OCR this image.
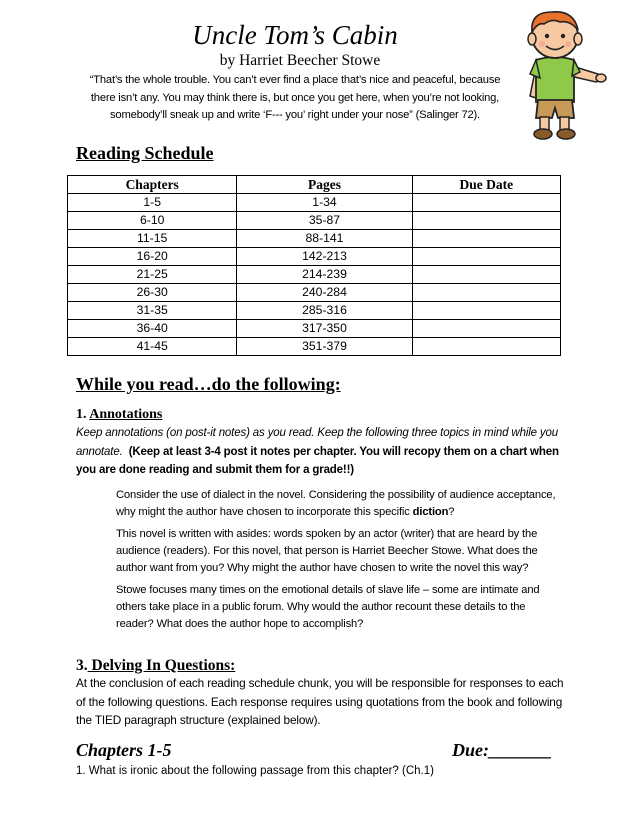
Uncle Tom’s Cabin
by Harriet Beecher Stowe
“That’s the whole trouble. You can’t ever find a place that’s nice and peaceful, because
there isn’t any. You may think there is, but once you get here, when you’re not looking,
somebody’ll sneak up and write ‘F--- you’ right under your nose” (Salinger 72).
Reading Schedule
Chapters	Pages	Due Date
1-5	1-34	
6-10	35-87	
11-15	88-141	
16-20	142-213	
21-25	214-239	
26-30	240-284	
31-35	285-316	
36-40	317-350	
41-45	351-379	
While you read…do the following:
1. Annotations
Keep annotations (on post-it notes) as you read. Keep the following three topics in mind while you annotate. (Keep at least 3-4 post it notes per chapter. You will recopy them on a chart when you are done reading and submit them for a grade!!)
Consider the use of dialect in the novel. Considering the possibility of audience acceptance, why might the author have chosen to incorporate this specific diction?
This novel is written with asides: words spoken by an actor (writer) that are heard by the audience (readers). For this novel, that person is Harriet Beecher Stowe. What does the author want from you? Why might the author have chosen to write the novel this way?
Stowe focuses many times on the emotional details of slave life – some are intimate and others take place in a public forum. Why would the author recount these details to the reader? What does the author hope to accomplish?
3. Delving In Questions:
At the conclusion of each reading schedule chunk, you will be responsible for responses to each of the following questions. Each response requires using quotations from the book and following the TIED paragraph structure (explained below).
Chapters 1-5	Due:_______
1. What is ironic about the following passage from this chapter? (Ch.1)
